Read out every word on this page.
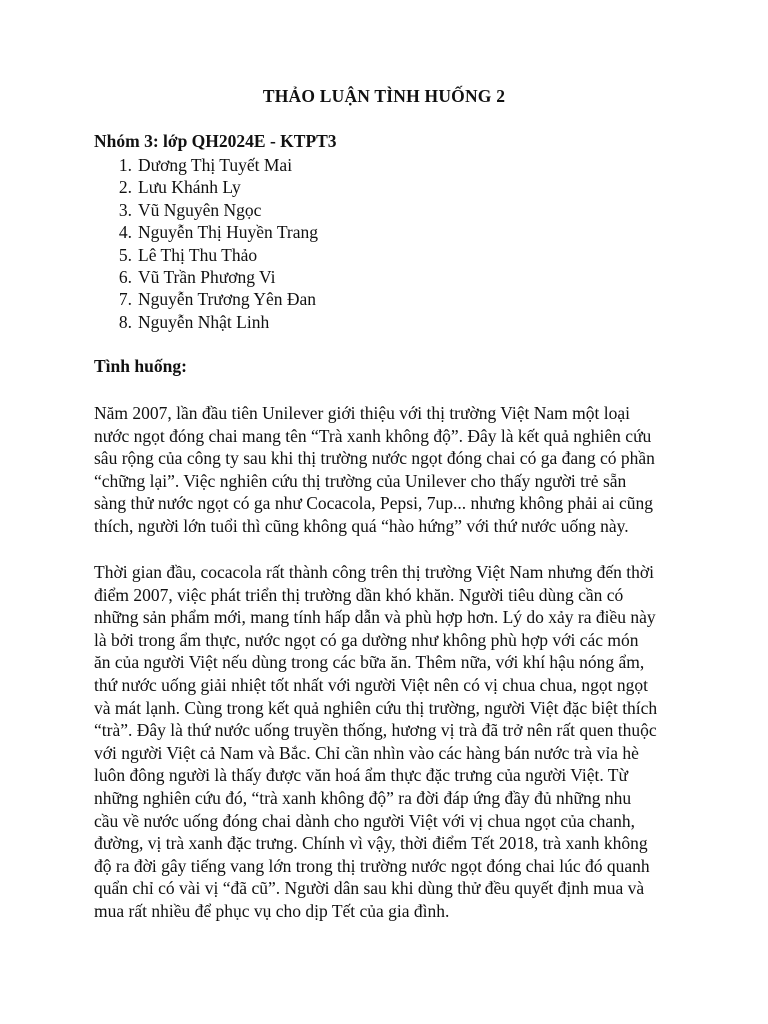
THẢO LUẬN TÌNH HUỐNG 2
Nhóm 3: lớp QH2024E - KTPT3
1. Dương Thị Tuyết Mai
2. Lưu Khánh Ly
3. Vũ Nguyên Ngọc
4. Nguyễn Thị Huyền Trang
5. Lê Thị Thu Thảo
6. Vũ Trần Phương Vi
7. Nguyễn Trương Yên Đan
8. Nguyễn Nhật Linh
Tình huống:

Năm 2007, lần đầu tiên Unilever giới thiệu với thị trường Việt Nam một loại
nước ngọt đóng chai mang tên “Trà xanh không độ”. Đây là kết quả nghiên cứu
sâu rộng của công ty sau khi thị trường nước ngọt đóng chai có ga đang có phần
“chững lại”. Việc nghiên cứu thị trường của Unilever cho thấy người trẻ sẵn
sàng thử nước ngọt có ga như Cocacola, Pepsi, 7up... nhưng không phải ai cũng
thích, người lớn tuổi thì cũng không quá “hào hứng” với thứ nước uống này.

Thời gian đầu, cocacola rất thành công trên thị trường Việt Nam nhưng đến thời
điểm 2007, việc phát triển thị trường dần khó khăn. Người tiêu dùng cần có
những sản phẩm mới, mang tính hấp dẫn và phù hợp hơn. Lý do xảy ra điều này
là bởi trong ẩm thực, nước ngọt có ga dường như không phù hợp với các món
ăn của người Việt nếu dùng trong các bữa ăn. Thêm nữa, với khí hậu nóng ẩm,
thứ nước uống giải nhiệt tốt nhất với người Việt nên có vị chua chua, ngọt ngọt
và mát lạnh. Cùng trong kết quả nghiên cứu thị trường, người Việt đặc biệt thích
“trà”. Đây là thứ nước uống truyền thống, hương vị trà đã trở nên rất quen thuộc
với người Việt cả Nam và Bắc. Chỉ cần nhìn vào các hàng bán nước trà vỉa hè
luôn đông người là thấy được văn hoá ẩm thực đặc trưng của người Việt. Từ
những nghiên cứu đó, “trà xanh không độ” ra đời đáp ứng đầy đủ những nhu
cầu về nước uống đóng chai dành cho người Việt với vị chua ngọt của chanh,
đường, vị trà xanh đặc trưng. Chính vì vậy, thời điểm Tết 2018, trà xanh không
độ ra đời gây tiếng vang lớn trong thị trường nước ngọt đóng chai lúc đó quanh
quẩn chỉ có vài vị “đã cũ”. Người dân sau khi dùng thử đều quyết định mua và
mua rất nhiều để phục vụ cho dịp Tết của gia đình.
